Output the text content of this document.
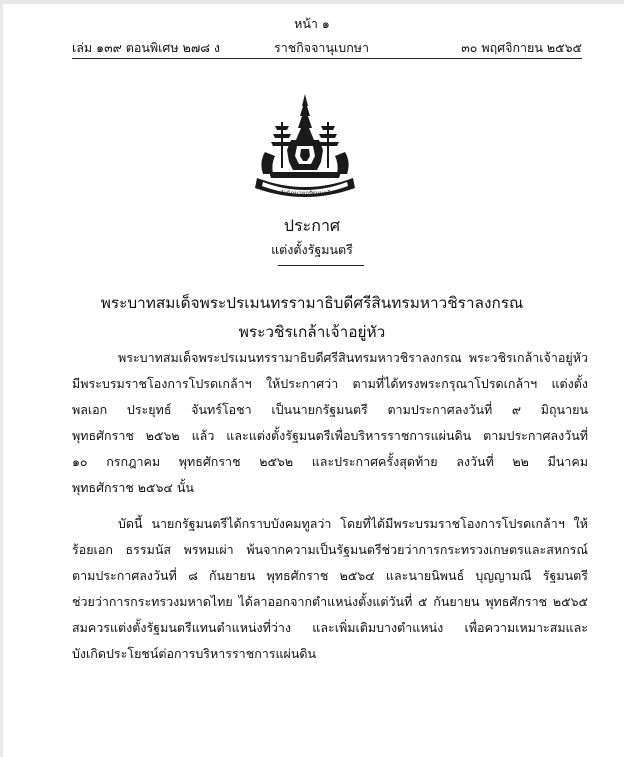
หน้า ๑
เล่ม ๑๓๙ ตอนพิเศษ ๒๗๘ ง	ราชกิจจานุเบกษา	๓๐ พฤศจิกายน ๒๕๖๕
สำนักนายกรัฐมนตรี
ประกาศ
แต่งตั้งรัฐมนตรี
พระบาทสมเด็จพระปรเมนทรรามาธิบดีศรีสินทรมหาวชิราลงกรณ
พระวชิรเกล้าเจ้าอยู่หัว
พระบาทสมเด็จพระปรเมนทรรามาธิบดีศรีสินทรมหาวชิราลงกรณ พระวชิรเกล้าเจ้าอยู่หัว
มีพระบรมราชโองการโปรดเกล้าฯ ให้ประกาศว่า ตามที่ได้ทรงพระกรุณาโปรดเกล้าฯ แต่งตั้ง
พลเอก ประยุทธ์ จันทร์โอชา เป็นนายกรัฐมนตรี ตามประกาศลงวันที่ ๙ มิถุนายน
พุทธศักราช ๒๕๖๒ แล้ว และแต่งตั้งรัฐมนตรีเพื่อบริหารราชการแผ่นดิน ตามประกาศลงวันที่
๑๐ กรกฎาคม พุทธศักราช ๒๕๖๒ และประกาศครั้งสุดท้าย ลงวันที่ ๒๒ มีนาคม
พุทธศักราช ๒๕๖๔ นั้น
บัดนี้ นายกรัฐมนตรีได้กราบบังคมทูลว่า โดยที่ได้มีพระบรมราชโองการโปรดเกล้าฯ ให้
ร้อยเอก ธรรมนัส พรหมเผ่า พ้นจากความเป็นรัฐมนตรีช่วยว่าการกระทรวงเกษตรและสหกรณ์
ตามประกาศลงวันที่ ๘ กันยายน พุทธศักราช ๒๕๖๔ และนายนิพนธ์ บุญญามณี รัฐมนตรี
ช่วยว่าการกระทรวงมหาดไทย ได้ลาออกจากตำแหน่งตั้งแต่วันที่ ๕ กันยายน พุทธศักราช ๒๕๖๕
สมควรแต่งตั้งรัฐมนตรีแทนตำแหน่งที่ว่าง และเพิ่มเติมบางตำแหน่ง เพื่อความเหมาะสมและ
บังเกิดประโยชน์ต่อการบริหารราชการแผ่นดิน
